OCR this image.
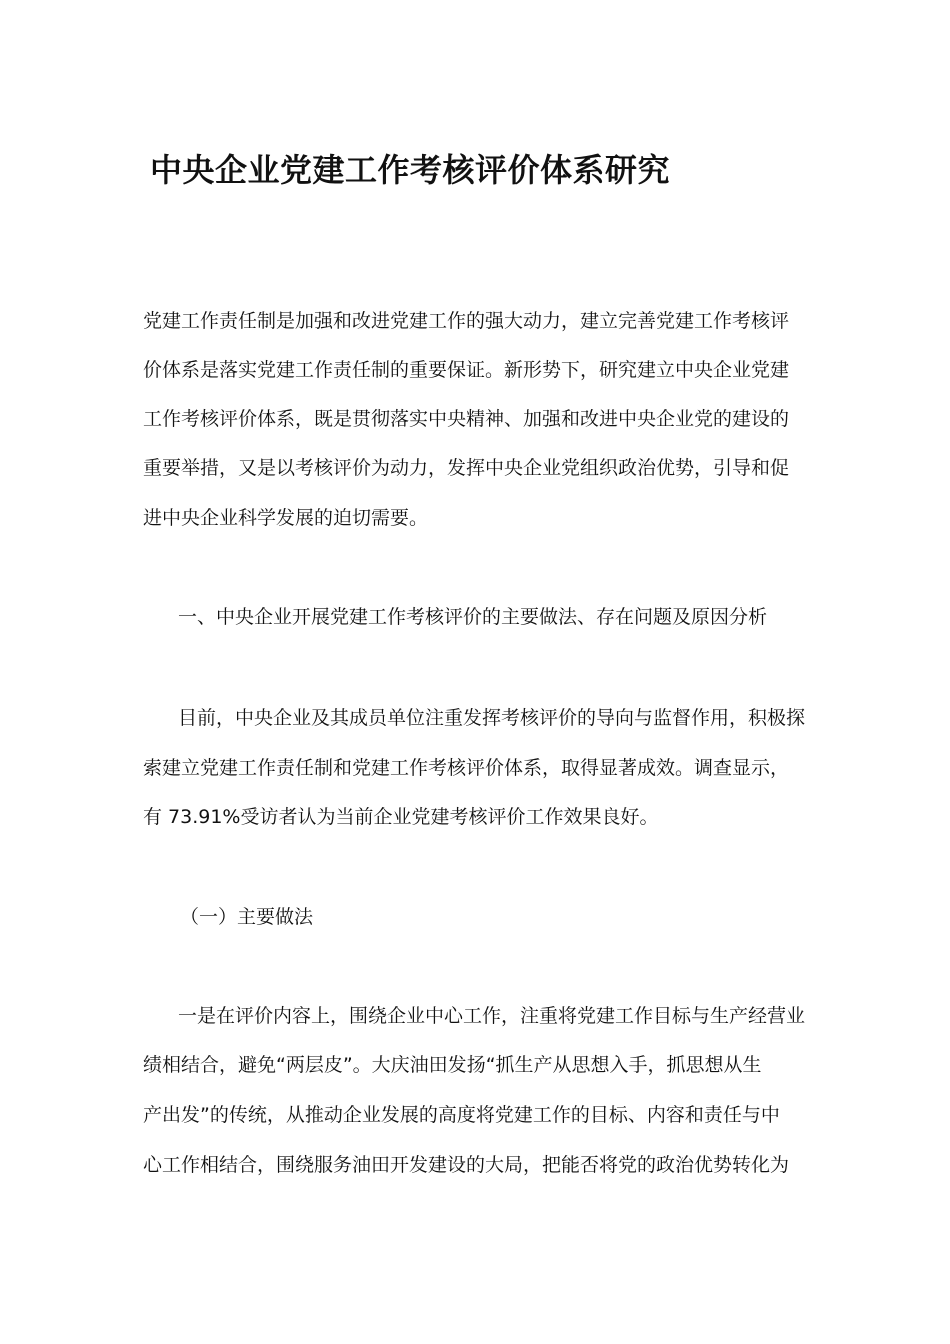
中央企业党建工作考核评价体系研究

党建工作责任制是加强和改进党建工作的强大动力，建立完善党建工作考核评

价体系是落实党建工作责任制的重要保证。新形势下，研究建立中央企业党建

工作考核评价体系，既是贯彻落实中央精神、加强和改进中央企业党的建设的

重要举措，又是以考核评价为动力，发挥中央企业党组织政治优势，引导和促

进中央企业科学发展的迫切需要。

一、中央企业开展党建工作考核评价的主要做法、存在问题及原因分析

目前，中央企业及其成员单位注重发挥考核评价的导向与监督作用，积极探

索建立党建工作责任制和党建工作考核评价体系，取得显著成效。调查显示，

有 73.91%受访者认为当前企业党建考核评价工作效果良好。

（一）主要做法

一是在评价内容上，围绕企业中心工作，注重将党建工作目标与生产经营业

绩相结合，避免“两层皮”。大庆油田发扬“抓生产从思想入手，抓思想从生

产出发”的传统，从推动企业发展的高度将党建工作的目标、内容和责任与中

心工作相结合，围绕服务油田开发建设的大局，把能否将党的政治优势转化为
